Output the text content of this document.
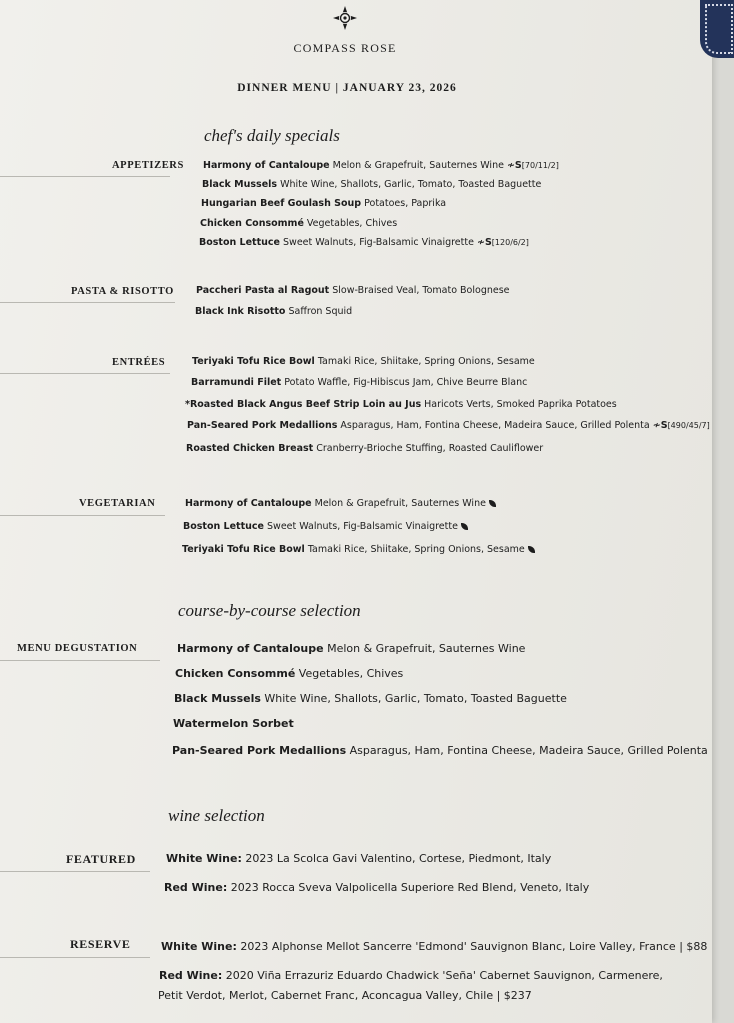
COMPASS ROSE
DINNER MENU | JANUARY 23, 2026
chef's daily specials
APPETIZERS Harmony of Cantaloupe Melon & Grapefruit, Sauternes Wine ≁S[70/11/2]
Black Mussels White Wine, Shallots, Garlic, Tomato, Toasted Baguette
Hungarian Beef Goulash Soup Potatoes, Paprika
Chicken Consommé Vegetables, Chives
Boston Lettuce Sweet Walnuts, Fig-Balsamic Vinaigrette ≁S[120/6/2]
PASTA & RISOTTO Paccheri Pasta al Ragout Slow-Braised Veal, Tomato Bolognese
Black Ink Risotto Saffron Squid
ENTRÉES	Teriyaki Tofu Rice Bowl Tamaki Rice, Shiitake, Spring Onions, Sesame
Barramundi Filet Potato Waffle, Fig-Hibiscus Jam, Chive Beurre Blanc
*Roasted Black Angus Beef Strip Loin au Jus Haricots Verts, Smoked Paprika Potatoes
Pan-Seared Pork Medallions Asparagus, Ham, Fontina Cheese, Madeira Sauce, Grilled Polenta ≁S[490/45/7]
Roasted Chicken Breast Cranberry-Brioche Stuffing, Roasted Cauliflower
VEGETARIAN	Harmony of Cantaloupe Melon & Grapefruit, Sauternes Wine
Boston Lettuce Sweet Walnuts, Fig-Balsamic Vinaigrette
Teriyaki Tofu Rice Bowl Tamaki Rice, Shiitake, Spring Onions, Sesame
course-by-course selection
MENU DEGUSTATION	Harmony of Cantaloupe Melon & Grapefruit, Sauternes Wine
Chicken Consommé Vegetables, Chives
Black Mussels White Wine, Shallots, Garlic, Tomato, Toasted Baguette
Watermelon Sorbet
Pan-Seared Pork Medallions Asparagus, Ham, Fontina Cheese, Madeira Sauce, Grilled Polenta
wine selection
FEATURED	White Wine: 2023 La Scolca Gavi Valentino, Cortese, Piedmont, Italy
Red Wine: 2023 Rocca Sveva Valpolicella Superiore Red Blend, Veneto, Italy
RESERVE	White Wine: 2023 Alphonse Mellot Sancerre 'Edmond' Sauvignon Blanc, Loire Valley, France | $88
Red Wine: 2020 Viña Errazuriz Eduardo Chadwick 'Seña' Cabernet Sauvignon, Carmenere,
Petit Verdot, Merlot, Cabernet Franc, Aconcagua Valley, Chile | $237
